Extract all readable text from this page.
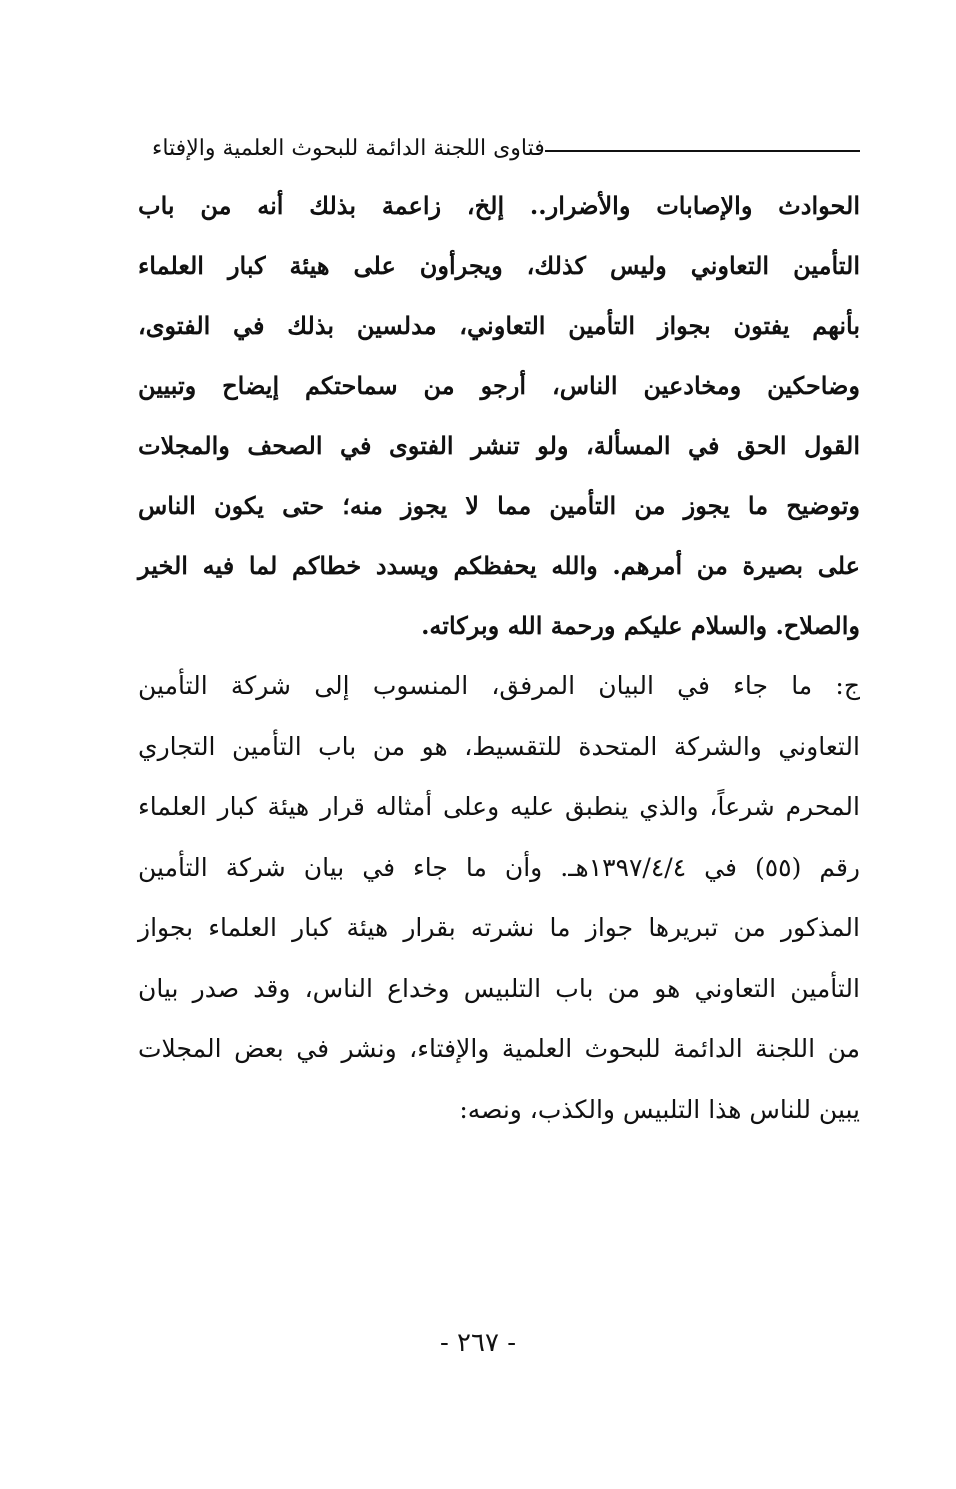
فتاوى اللجنة الدائمة للبحوث العلمية والإفتاء
الحوادث والإصابات والأضرار.. إلخ، زاعمة بذلك أنه من باب
التأمين التعاوني وليس كذلك، ويجرأون على هيئة كبار العلماء
بأنهم يفتون بجواز التأمين التعاوني، مدلسين بذلك في الفتوى،
وضاحكين ومخادعين الناس، أرجو من سماحتكم إيضاح وتبيين
القول الحق في المسألة، ولو تنشر الفتوى في الصحف والمجلات
وتوضيح ما يجوز من التأمين مما لا يجوز منه؛ حتى يكون الناس
على بصيرة من أمرهم. والله يحفظكم ويسدد خطاكم لما فيه الخير
والصلاح. والسلام عليكم ورحمة الله وبركاته.
ج: ما جاء في البيان المرفق، المنسوب إلى شركة التأمين
التعاوني والشركة المتحدة للتقسيط، هو من باب التأمين التجاري
المحرم شرعاً، والذي ينطبق عليه وعلى أمثاله قرار هيئة كبار العلماء
رقم (٥٥) في ١٣٩٧/٤/٤هـ. وأن ما جاء في بيان شركة التأمين
المذكور من تبريرها جواز ما نشرته بقرار هيئة كبار العلماء بجواز
التأمين التعاوني هو من باب التلبيس وخداع الناس، وقد صدر بيان
من اللجنة الدائمة للبحوث العلمية والإفتاء، ونشر في بعض المجلات
يبين للناس هذا التلبيس والكذب، ونصه:
- ٢٦٧ -
